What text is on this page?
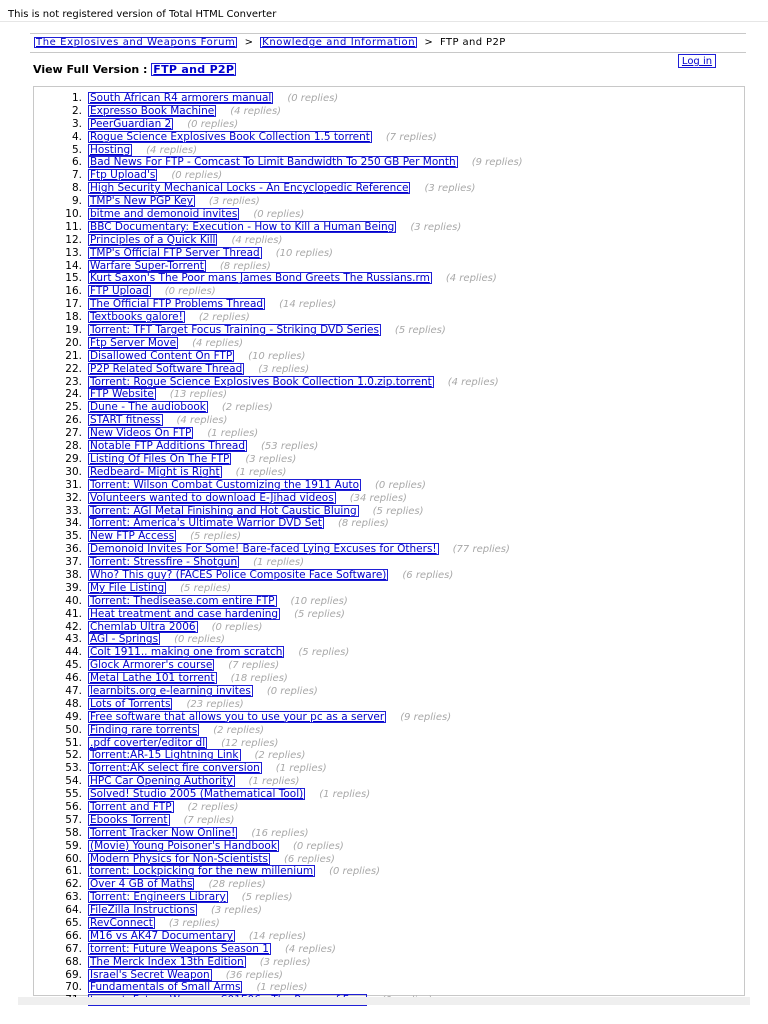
This is not registered version of Total HTML Converter
The Explosives and Weapons Forum > Knowledge and Information > FTP and P2P
Log in
View Full Version : FTP and P2P
1. South African R4 armorers manual (0 replies)
2. Expresso Book Machine (4 replies)
3. PeerGuardian 2 (0 replies)
4. Rogue Science Explosives Book Collection 1.5 torrent (7 replies)
5. Hosting (4 replies)
6. Bad News For FTP - Comcast To Limit Bandwidth To 250 GB Per Month (9 replies)
7. Ftp Upload's (0 replies)
8. High Security Mechanical Locks - An Encyclopedic Reference (3 replies)
9. TMP's New PGP Key (3 replies)
10. bitme and demonoid invites (0 replies)
11. BBC Documentary: Execution - How to Kill a Human Being (3 replies)
12. Principles of a Quick Kill (4 replies)
13. TMP's Official FTP Server Thread (10 replies)
14. Warfare Super-Torrent (8 replies)
15. Kurt Saxon's The Poor mans James Bond Greets The Russians.rm (4 replies)
16. FTP Upload (0 replies)
17. The Official FTP Problems Thread (14 replies)
18. Textbooks galore! (2 replies)
19. Torrent: TFT Target Focus Training - Striking DVD Series (5 replies)
20. Ftp Server Move (4 replies)
21. Disallowed Content On FTP (10 replies)
22. P2P Related Software Thread (3 replies)
23. Torrent: Rogue Science Explosives Book Collection 1.0.zip.torrent (4 replies)
24. FTP Website (13 replies)
25. Dune - The audiobook (2 replies)
26. START fitness (4 replies)
27. New Videos On FTP (1 replies)
28. Notable FTP Additions Thread (53 replies)
29. Listing Of Files On The FTP (3 replies)
30. Redbeard- Might is Right (1 replies)
31. Torrent: Wilson Combat Customizing the 1911 Auto (0 replies)
32. Volunteers wanted to download E-Jihad videos (34 replies)
33. Torrent: AGI Metal Finishing and Hot Caustic Bluing (5 replies)
34. Torrent: America's Ultimate Warrior DVD Set (8 replies)
35. New FTP Access (5 replies)
36. Demonoid Invites For Some! Bare-faced Lying Excuses for Others! (77 replies)
37. Torrent: Stressfire - Shotgun (1 replies)
38. Who? This guy? (FACES Police Composite Face Software) (6 replies)
39. My File Listing (5 replies)
40. Torrent: Thedisease.com entire FTP (10 replies)
41. Heat treatment and case hardening (5 replies)
42. Chemlab Ultra 2006 (0 replies)
43. AGI - Springs (0 replies)
44. Colt 1911.. making one from scratch (5 replies)
45. Glock Armorer's course (7 replies)
46. Metal Lathe 101 torrent (18 replies)
47. learnbits.org e-learning invites (0 replies)
48. Lots of Torrents (23 replies)
49. Free software that allows you to use your pc as a server (9 replies)
50. Finding rare torrents (2 replies)
51. .pdf coverter/editor dl (12 replies)
52. Torrent:AR-15 Lightning Link (2 replies)
53. Torrent:AK select fire conversion (1 replies)
54. HPC Car Opening Authority (1 replies)
55. Solved! Studio 2005 (Mathematical Tool) (1 replies)
56. Torrent and FTP (2 replies)
57. Ebooks Torrent (7 replies)
58. Torrent Tracker Now Online! (16 replies)
59. (Movie) Young Poisoner's Handbook (0 replies)
60. Modern Physics for Non-Scientists (6 replies)
61. torrent: Lockpicking for the new millenium (0 replies)
62. Over 4 GB of Maths (28 replies)
63. Torrent: Engineers Library (5 replies)
64. FileZilla Instructions (3 replies)
65. RevConnect (3 replies)
66. M16 vs AK47 Documentary (14 replies)
67. torrent: Future Weapons Season 1 (4 replies)
68. The Merck Index 13th Edition (3 replies)
69. Israel's Secret Weapon (36 replies)
70. Fundamentals of Small Arms (1 replies)
